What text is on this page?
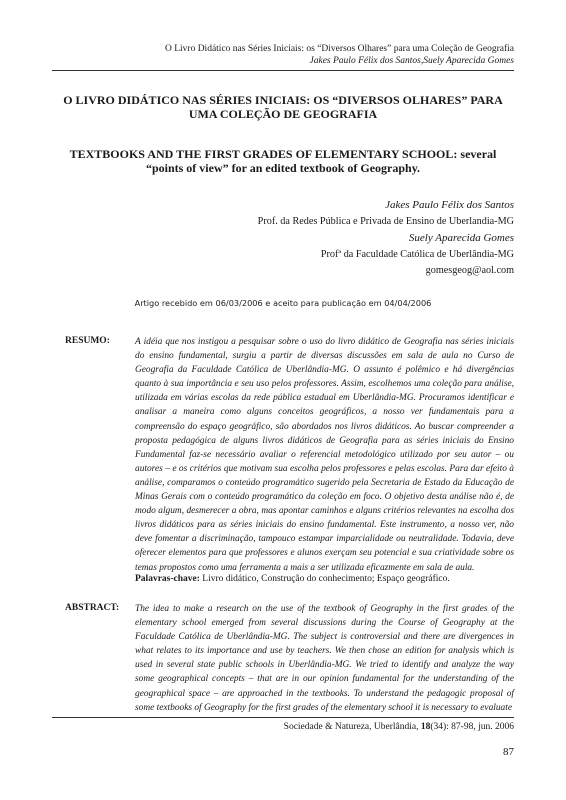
O Livro Didático nas Séries Iniciais: os “Diversos Olhares” para uma Coleção de Geografia
Jakes Paulo Félix dos Santos,Suely Aparecida Gomes
O LIVRO DIDÁTICO NAS SÉRIES INICIAIS: OS “DIVERSOS OLHARES” PARA
UMA COLEÇÃO DE GEOGRAFIA
TEXTBOOKS AND THE FIRST GRADES OF ELEMENTARY SCHOOL: several
“points of view” for an edited textbook of Geography.
Jakes Paulo Félix dos Santos
Prof. da Redes Pública e Privada de Ensino de Uberlandia-MG
Suely Aparecida Gomes
Profª da Faculdade Católica de Uberlândia-MG
gomesgeog@aol.com
Artigo recebido em 06/03/2006 e aceito para publicação em 04/04/2006
RESUMO:	A idéia que nos instigou a pesquisar sobre o uso do livro didático de Geografia nas séries iniciais do ensino fundamental, surgiu a partir de diversas discussões em sala de aula no Curso de Geografia da Faculdade Católica de Uberlândia-MG. O assunto é polêmico e há divergências quanto à sua importância e seu uso pelos professores. Assim, escolhemos uma coleção para análise, utilizada em várias escolas da rede pública estadual em Uberlândia-MG. Procuramos identificar e analisar a maneira como alguns conceitos geográficos, a nosso ver fundamentais para a compreensão do espaço geográfico, são abordados nos livros didáticos. Ao buscar compreender a proposta pedagógica de alguns livros didáticos de Geografia para as séries iniciais do Ensino Fundamental faz-se necessário avaliar o referencial metodológico utilizado por seu autor – ou autores – e os critérios que motivam sua escolha pelos professores e pelas escolas. Para dar efeito à análise, comparamos o conteúdo programático sugerido pela Secretaria de Estado da Educação de Minas Gerais com o conteúdo programático da coleção em foco. O objetivo desta análise não é, de modo algum, desmerecer a obra, mas apontar caminhos e alguns critérios relevantes na escolha dos livros didáticos para as séries iniciais do ensino fundamental. Este instrumento, a nosso ver, não deve fomentar a discriminação, tampouco estampar imparcialidade ou neutralidade. Todavia, deve oferecer elementos para que professores e alunos exerçam seu potencial e sua criatividade sobre os temas propostos como uma ferramenta a mais a ser utilizada eficazmente em sala de aula.

Palavras-chave: Livro didático, Construção do conhecimento; Espaço geográfico.
ABSTRACT: The idea to make a research on the use of the textbook of Geography in the first grades of the elementary school emerged from several discussions during the Course of Geography at the Faculdade Católica de Uberlândia-MG. The subject is controversial and there are divergences in what relates to its importance and use by teachers. We then chose an edition for analysis which is used in several state public schools in Uberlândia-MG. We tried to identify and analyze the way some geographical concepts – that are in our opinion fundamental for the understanding of the geographical space – are approached in the textbooks. To understand the pedagogic proposal of some textbooks of Geography for the first grades of the elementary school it is necessary to evaluate

Sociedade & Natureza, Uberlândia, 18(34): 87-98, jun. 2006
87
